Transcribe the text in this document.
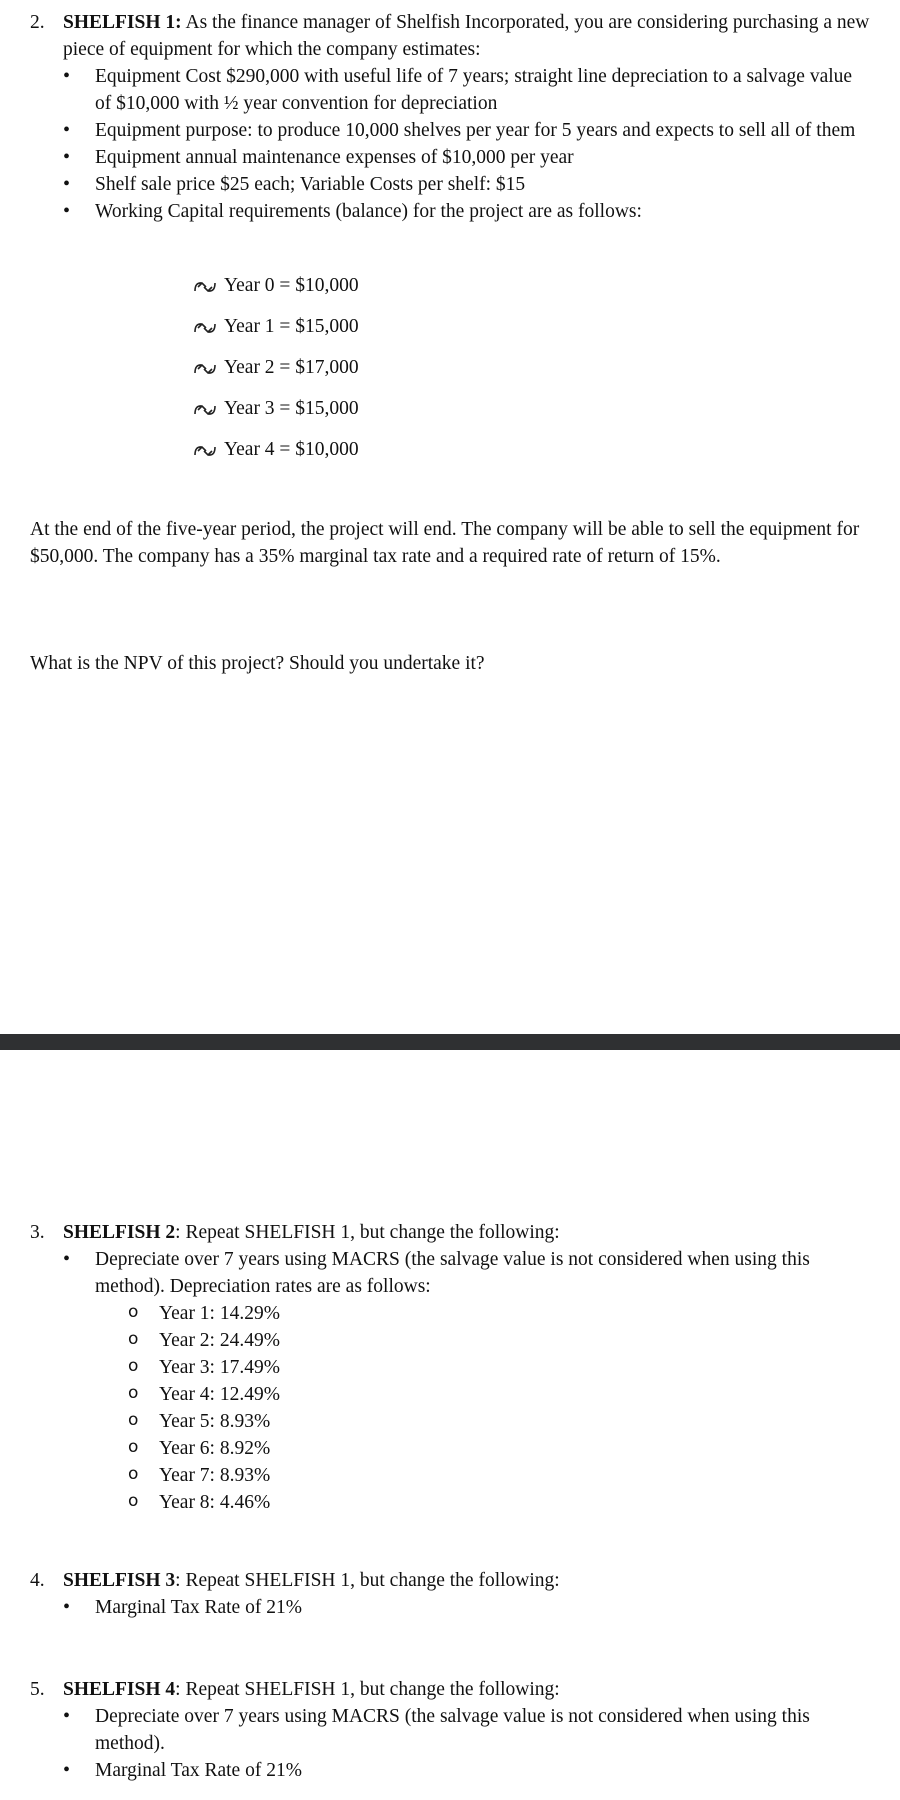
2. SHELFISH 1: As the finance manager of Shelfish Incorporated, you are considering purchasing a new piece of equipment for which the company estimates:
• Equipment Cost $290,000 with useful life of 7 years; straight line depreciation to a salvage value of $10,000 with ½ year convention for depreciation
• Equipment purpose: to produce 10,000 shelves per year for 5 years and expects to sell all of them
• Equipment annual maintenance expenses of $10,000 per year
• Shelf sale price $25 each; Variable Costs per shelf: $15
• Working Capital requirements (balance) for the project are as follows:
Year 0 = $10,000
Year 1 = $15,000
Year 2 = $17,000
Year 3 = $15,000
Year 4 = $10,000
At the end of the five-year period, the project will end. The company will be able to sell the equipment for $50,000. The company has a 35% marginal tax rate and a required rate of return of 15%.
What is the NPV of this project? Should you undertake it?
3. SHELFISH 2: Repeat SHELFISH 1, but change the following:
• Depreciate over 7 years using MACRS (the salvage value is not considered when using this method). Depreciation rates are as follows:
o Year 1: 14.29%
o Year 2: 24.49%
o Year 3: 17.49%
o Year 4: 12.49%
o Year 5: 8.93%
o Year 6: 8.92%
o Year 7: 8.93%
o Year 8: 4.46%
4. SHELFISH 3: Repeat SHELFISH 1, but change the following:
• Marginal Tax Rate of 21%
5. SHELFISH 4: Repeat SHELFISH 1, but change the following:
• Depreciate over 7 years using MACRS (the salvage value is not considered when using this method).
• Marginal Tax Rate of 21%
